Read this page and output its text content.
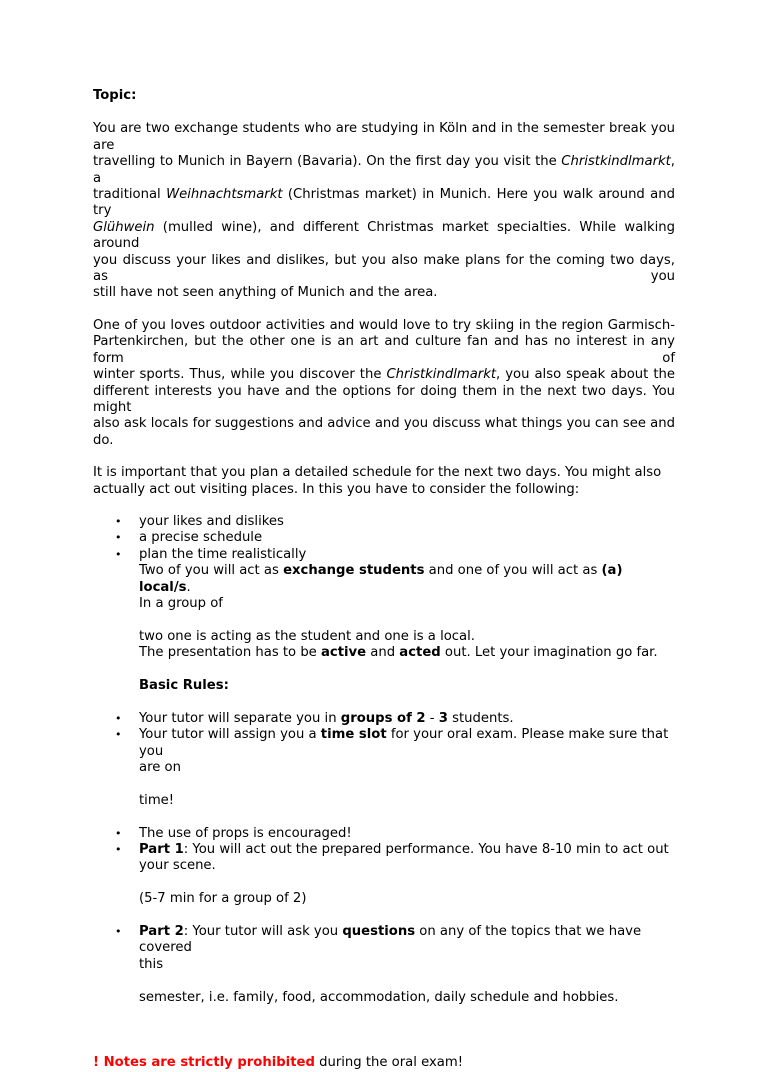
Topic:

You are two exchange students who are studying in Köln and in the semester break you are
travelling to Munich in Bayern (Bavaria). On the first day you visit the Christkindlmarkt, a
traditional Weihnachtsmarkt (Christmas market) in Munich. Here you walk around and try
Glühwein (mulled wine), and different Christmas market specialties. While walking around
you discuss your likes and dislikes, but you also make plans for the coming two days, as you
still have not seen anything of Munich and the area.

One of you loves outdoor activities and would love to try skiing in the region Garmisch-
Partenkirchen, but the other one is an art and culture fan and has no interest in any form of
winter sports. Thus, while you discover the Christkindlmarkt, you also speak about the
different interests you have and the options for doing them in the next two days. You might
also ask locals for suggestions and advice and you discuss what things you can see and do.

It is important that you plan a detailed schedule for the next two days. You might also
actually act out visiting places. In this you have to consider the following:

• your likes and dislikes
• a precise schedule
• plan the time realistically
Two of you will act as exchange students and one of you will act as (a) local/s.
In a group of
two one is acting as the student and one is a local.
The presentation has to be active and acted out. Let your imagination go far.
Basic Rules:
• Your tutor will separate you in groups of 2 - 3 students.
• Your tutor will assign you a time slot for your oral exam. Please make sure that you
are on
time!
• The use of props is encouraged!
• Part 1: You will act out the prepared performance. You have 8-10 min to act out
your scene.
(5-7 min for a group of 2)
• Part 2: Your tutor will ask you questions on any of the topics that we have covered
this
semester, i.e. family, food, accommodation, daily schedule and hobbies.
! Notes are strictly prohibited during the oral exam!
